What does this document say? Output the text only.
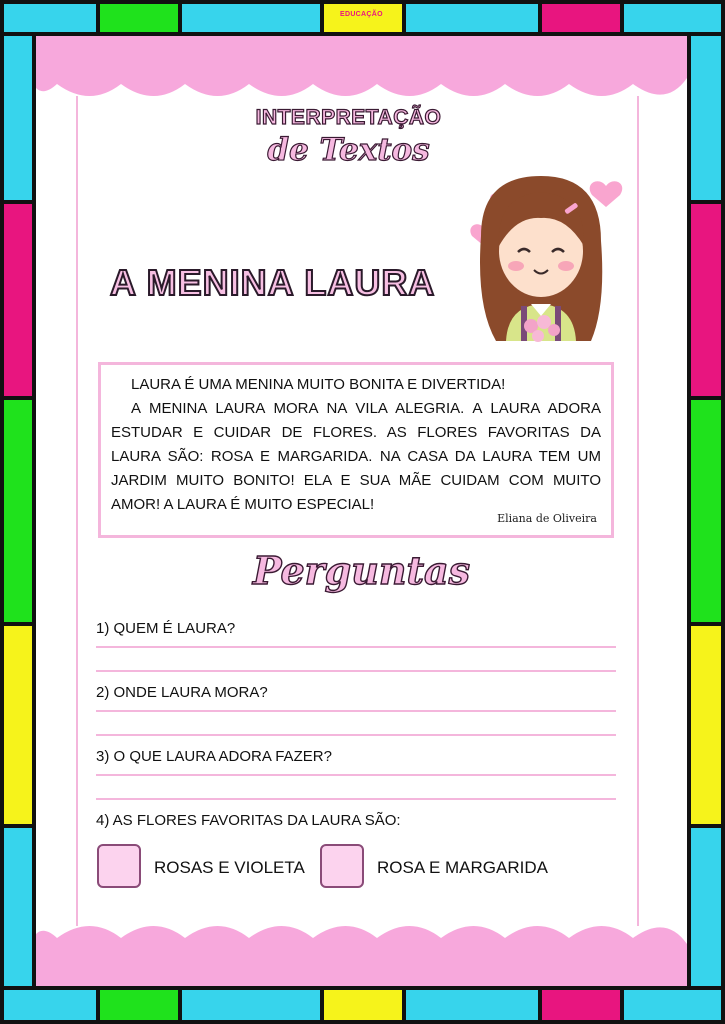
EDUCAÇÃO
INTERPRETAÇÃO
de Textos
A MENINA LAURA

LAURA É UMA MENINA MUITO BONITA E DIVERTIDA!

A MENINA LAURA MORA NA VILA ALEGRIA. A LAURA ADORA ESTUDAR E CUIDAR DE FLORES. AS FLORES FAVORITAS DA LAURA SÃO: ROSA E MARGARIDA. NA CASA DA LAURA TEM UM JARDIM MUITO BONITO! ELA E SUA MÃE CUIDAM COM MUITO AMOR! A LAURA É MUITO ESPECIAL!

Eliana de Oliveira
Perguntas
1) QUEM É LAURA?
2) ONDE LAURA MORA?
3) O QUE LAURA ADORA FAZER?
4) AS FLORES FAVORITAS DA LAURA SÃO:
ROSAS E VIOLETA	ROSA E MARGARIDA
